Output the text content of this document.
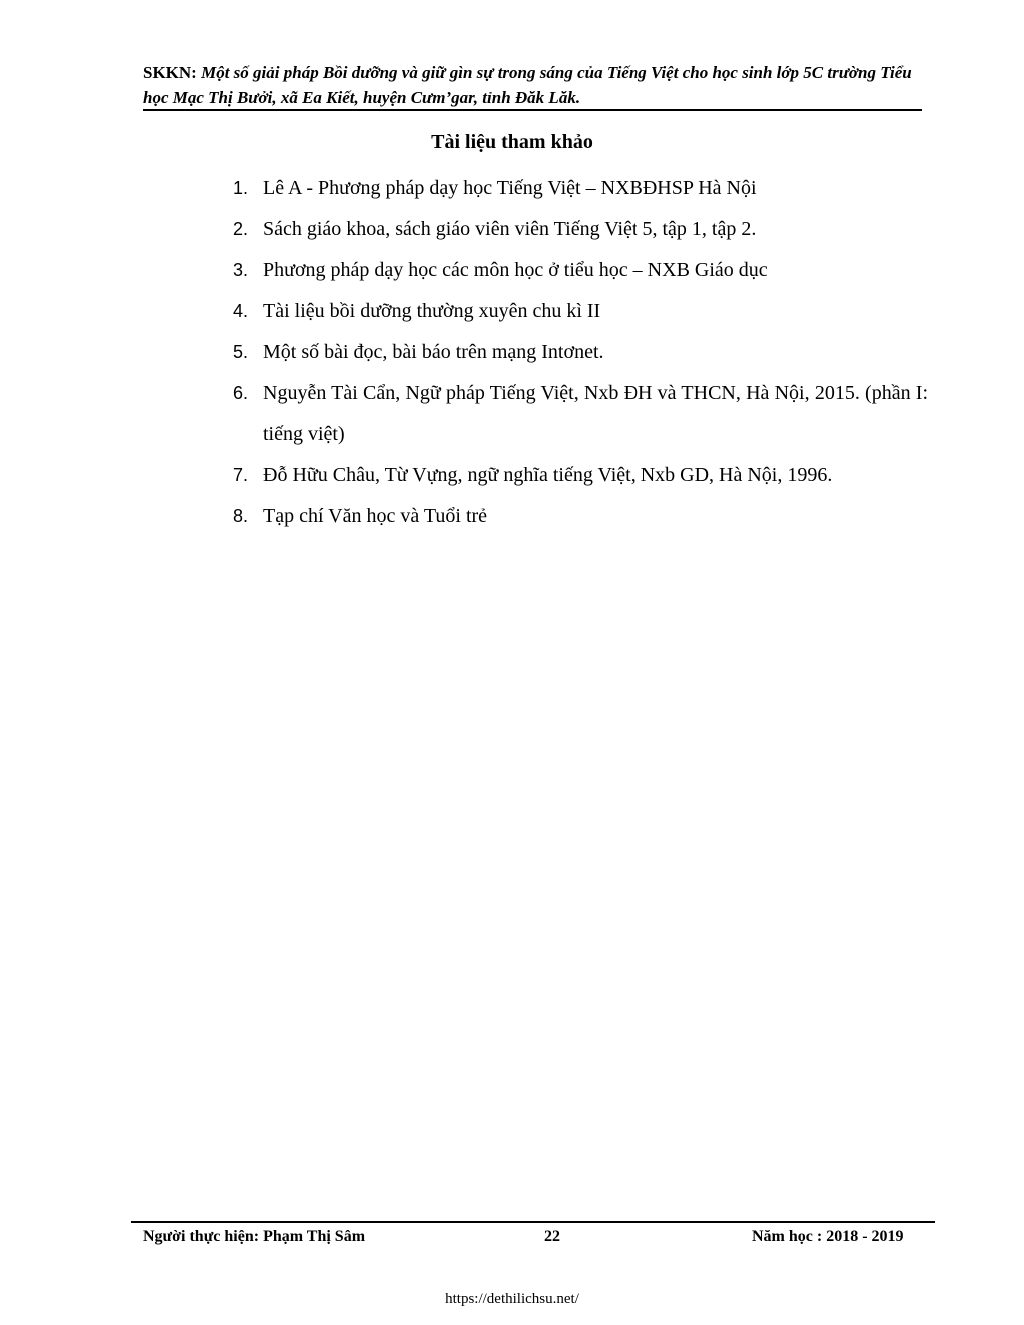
SKKN: Một số giải pháp Bồi dưỡng và giữ gìn sự trong sáng của Tiếng Việt cho học sinh lớp 5C trường Tiểu học Mạc Thị Bưởi, xã Ea Kiết, huyện Cưm’gar, tỉnh Đăk Lăk.
Tài liệu tham khảo
1. Lê A - Phương pháp dạy học Tiếng Việt – NXBĐHSP Hà Nội
2. Sách giáo khoa, sách giáo viên viên Tiếng Việt 5, tập 1, tập 2.
3. Phương pháp dạy học các môn học ở tiểu học – NXB Giáo dục
4. Tài liệu bồi dưỡng thường xuyên chu kì II
5. Một số bài đọc, bài báo trên mạng Intơnet.
6. Nguyễn Tài Cẩn, Ngữ pháp Tiếng Việt, Nxb ĐH và THCN, Hà Nội, 2015. (phần I: tiếng việt)
7. Đỗ Hữu Châu, Từ Vựng, ngữ nghĩa tiếng Việt, Nxb GD, Hà Nội, 1996.
8. Tạp chí Văn học và Tuổi trẻ
Người thực hiện: Phạm Thị Sâm	22	Năm học : 2018 - 2019
https://dethilichsu.net/
